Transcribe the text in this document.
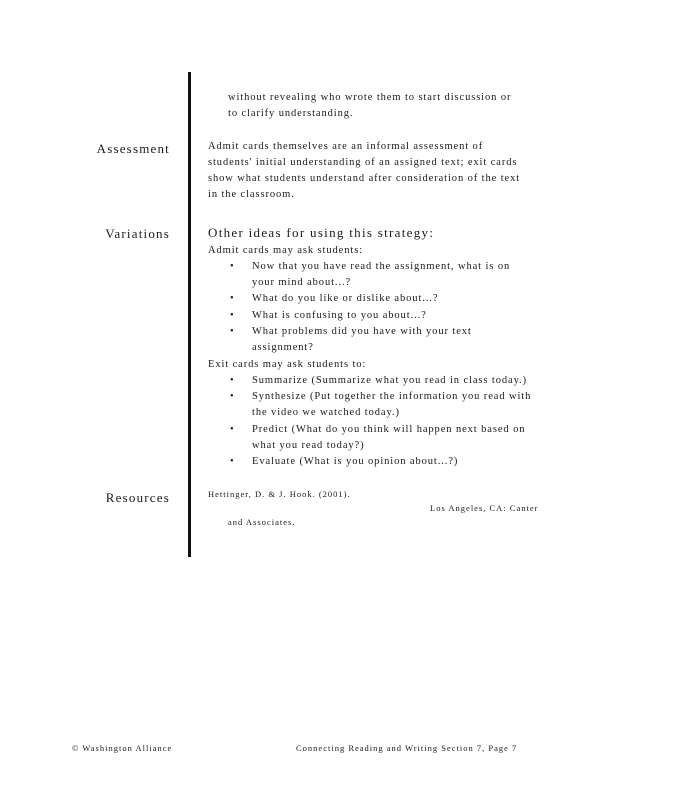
without revealing who wrote them to start discussion or
to clarify understanding.
Assessment	Admit cards themselves are an informal assessment of
students' initial understanding of an assigned text; exit cards
show what students understand after consideration of the text
in the classroom.
Variations	Other ideas for using this strategy:
Admit cards may ask students:
• Now that you have read the assignment, what is on
your mind about...?
• What do you like or dislike about...?
• What is confusing to you about...?
• What problems did you have with your text
assignment?
Exit cards may ask students to:
• Summarize (Summarize what you read in class today.)
• Synthesize (Put together the information you read with
the video we watched today.)
• Predict (What do you think will happen next based on
what you read today?)
• Evaluate (What is you opinion about...?)
Resources	Hettinger, D. & J. Hook. (2001).
Los Angeles, CA: Canter
and Associates.
© Washington Alliance	Connecting Reading and Writing Section 7, Page 7
